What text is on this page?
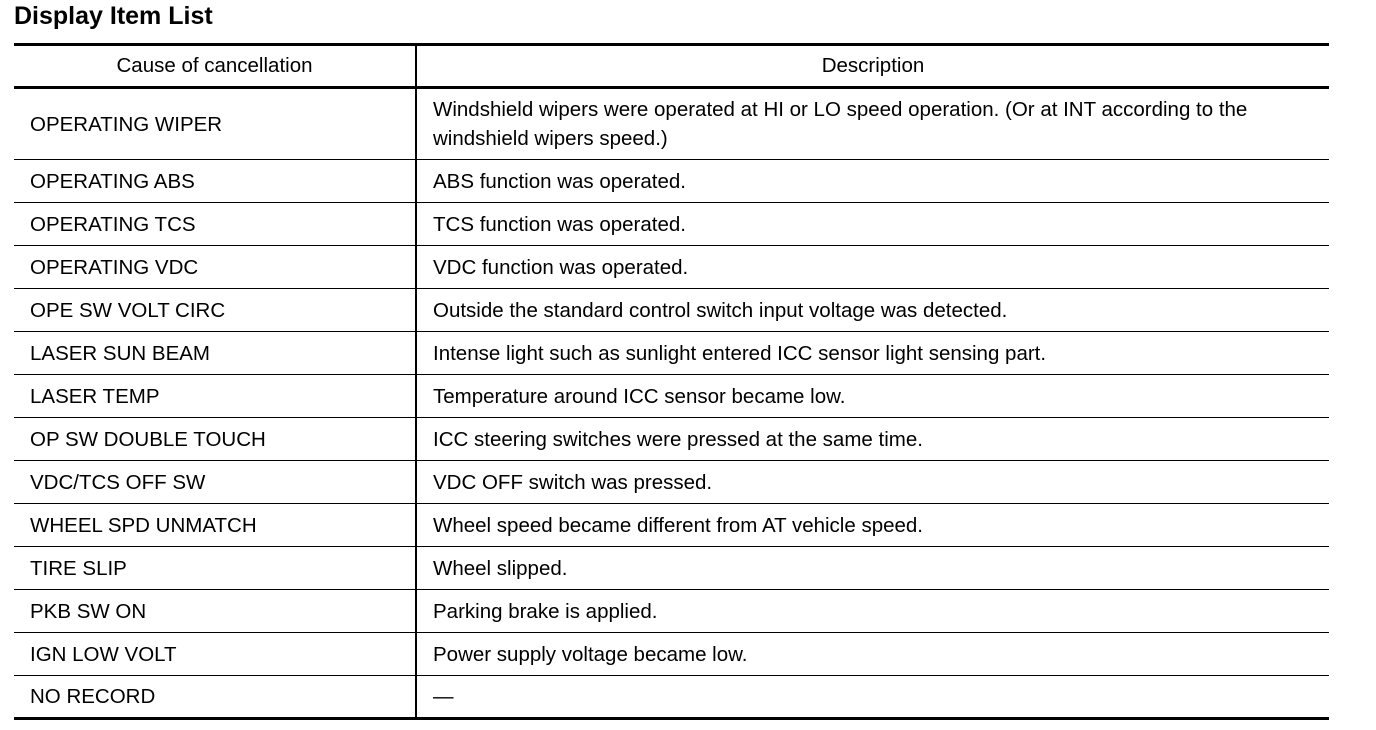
Display Item List
Cause of cancellation	Description
OPERATING WIPER	Windshield wipers were operated at HI or LO speed operation. (Or at INT according to the windshield wipers speed.)
OPERATING ABS	ABS function was operated.
OPERATING TCS	TCS function was operated.
OPERATING VDC	VDC function was operated.
OPE SW VOLT CIRC	Outside the standard control switch input voltage was detected.
LASER SUN BEAM	Intense light such as sunlight entered ICC sensor light sensing part.
LASER TEMP	Temperature around ICC sensor became low.
OP SW DOUBLE TOUCH	ICC steering switches were pressed at the same time.
VDC/TCS OFF SW	VDC OFF switch was pressed.
WHEEL SPD UNMATCH	Wheel speed became different from AT vehicle speed.
TIRE SLIP	Wheel slipped.
PKB SW ON	Parking brake is applied.
IGN LOW VOLT	Power supply voltage became low.
NO RECORD	—
